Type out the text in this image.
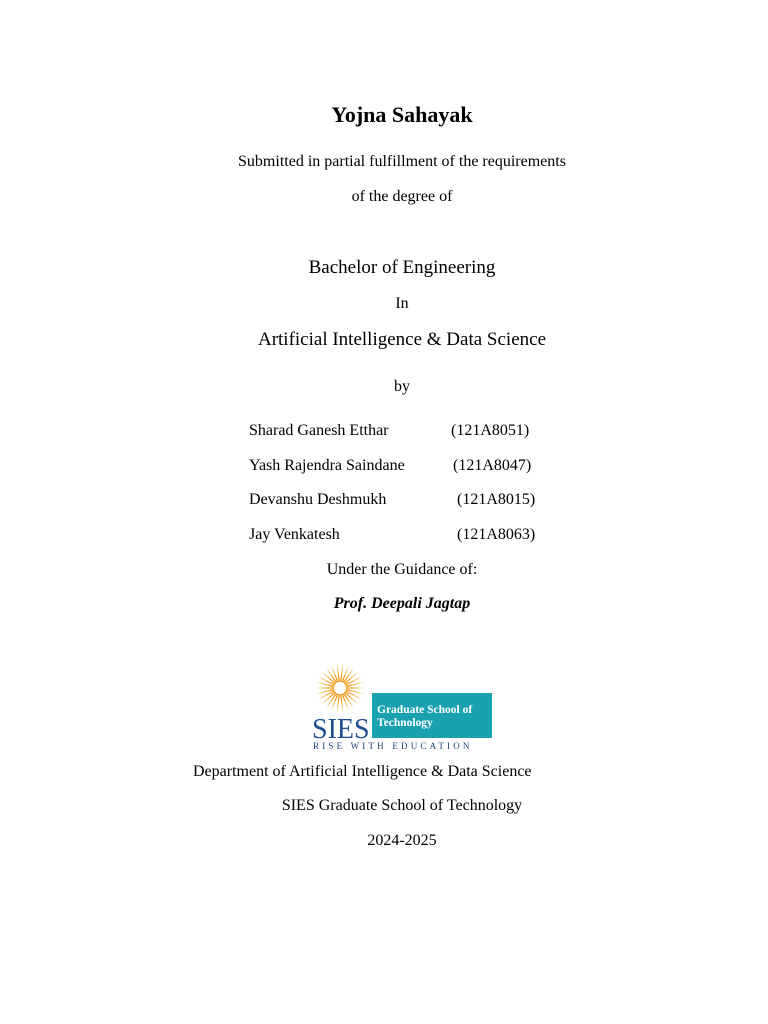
Yojna Sahayak
Submitted in partial fulfillment of the requirements
of the degree of
Bachelor of Engineering
In
Artificial Intelligence & Data Science
by
Sharad Ganesh Etthar	(121A8051)
Yash Rajendra Saindane	(121A8047)
Devanshu Deshmukh	(121A8015)
Jay Venkatesh	(121A8063)
Under the Guidance of:
Prof. Deepali Jagtap
SIES
Graduate School of
Technology
RISE WITH EDUCATION
Department of Artificial Intelligence & Data Science
SIES Graduate School of Technology
2024-2025
